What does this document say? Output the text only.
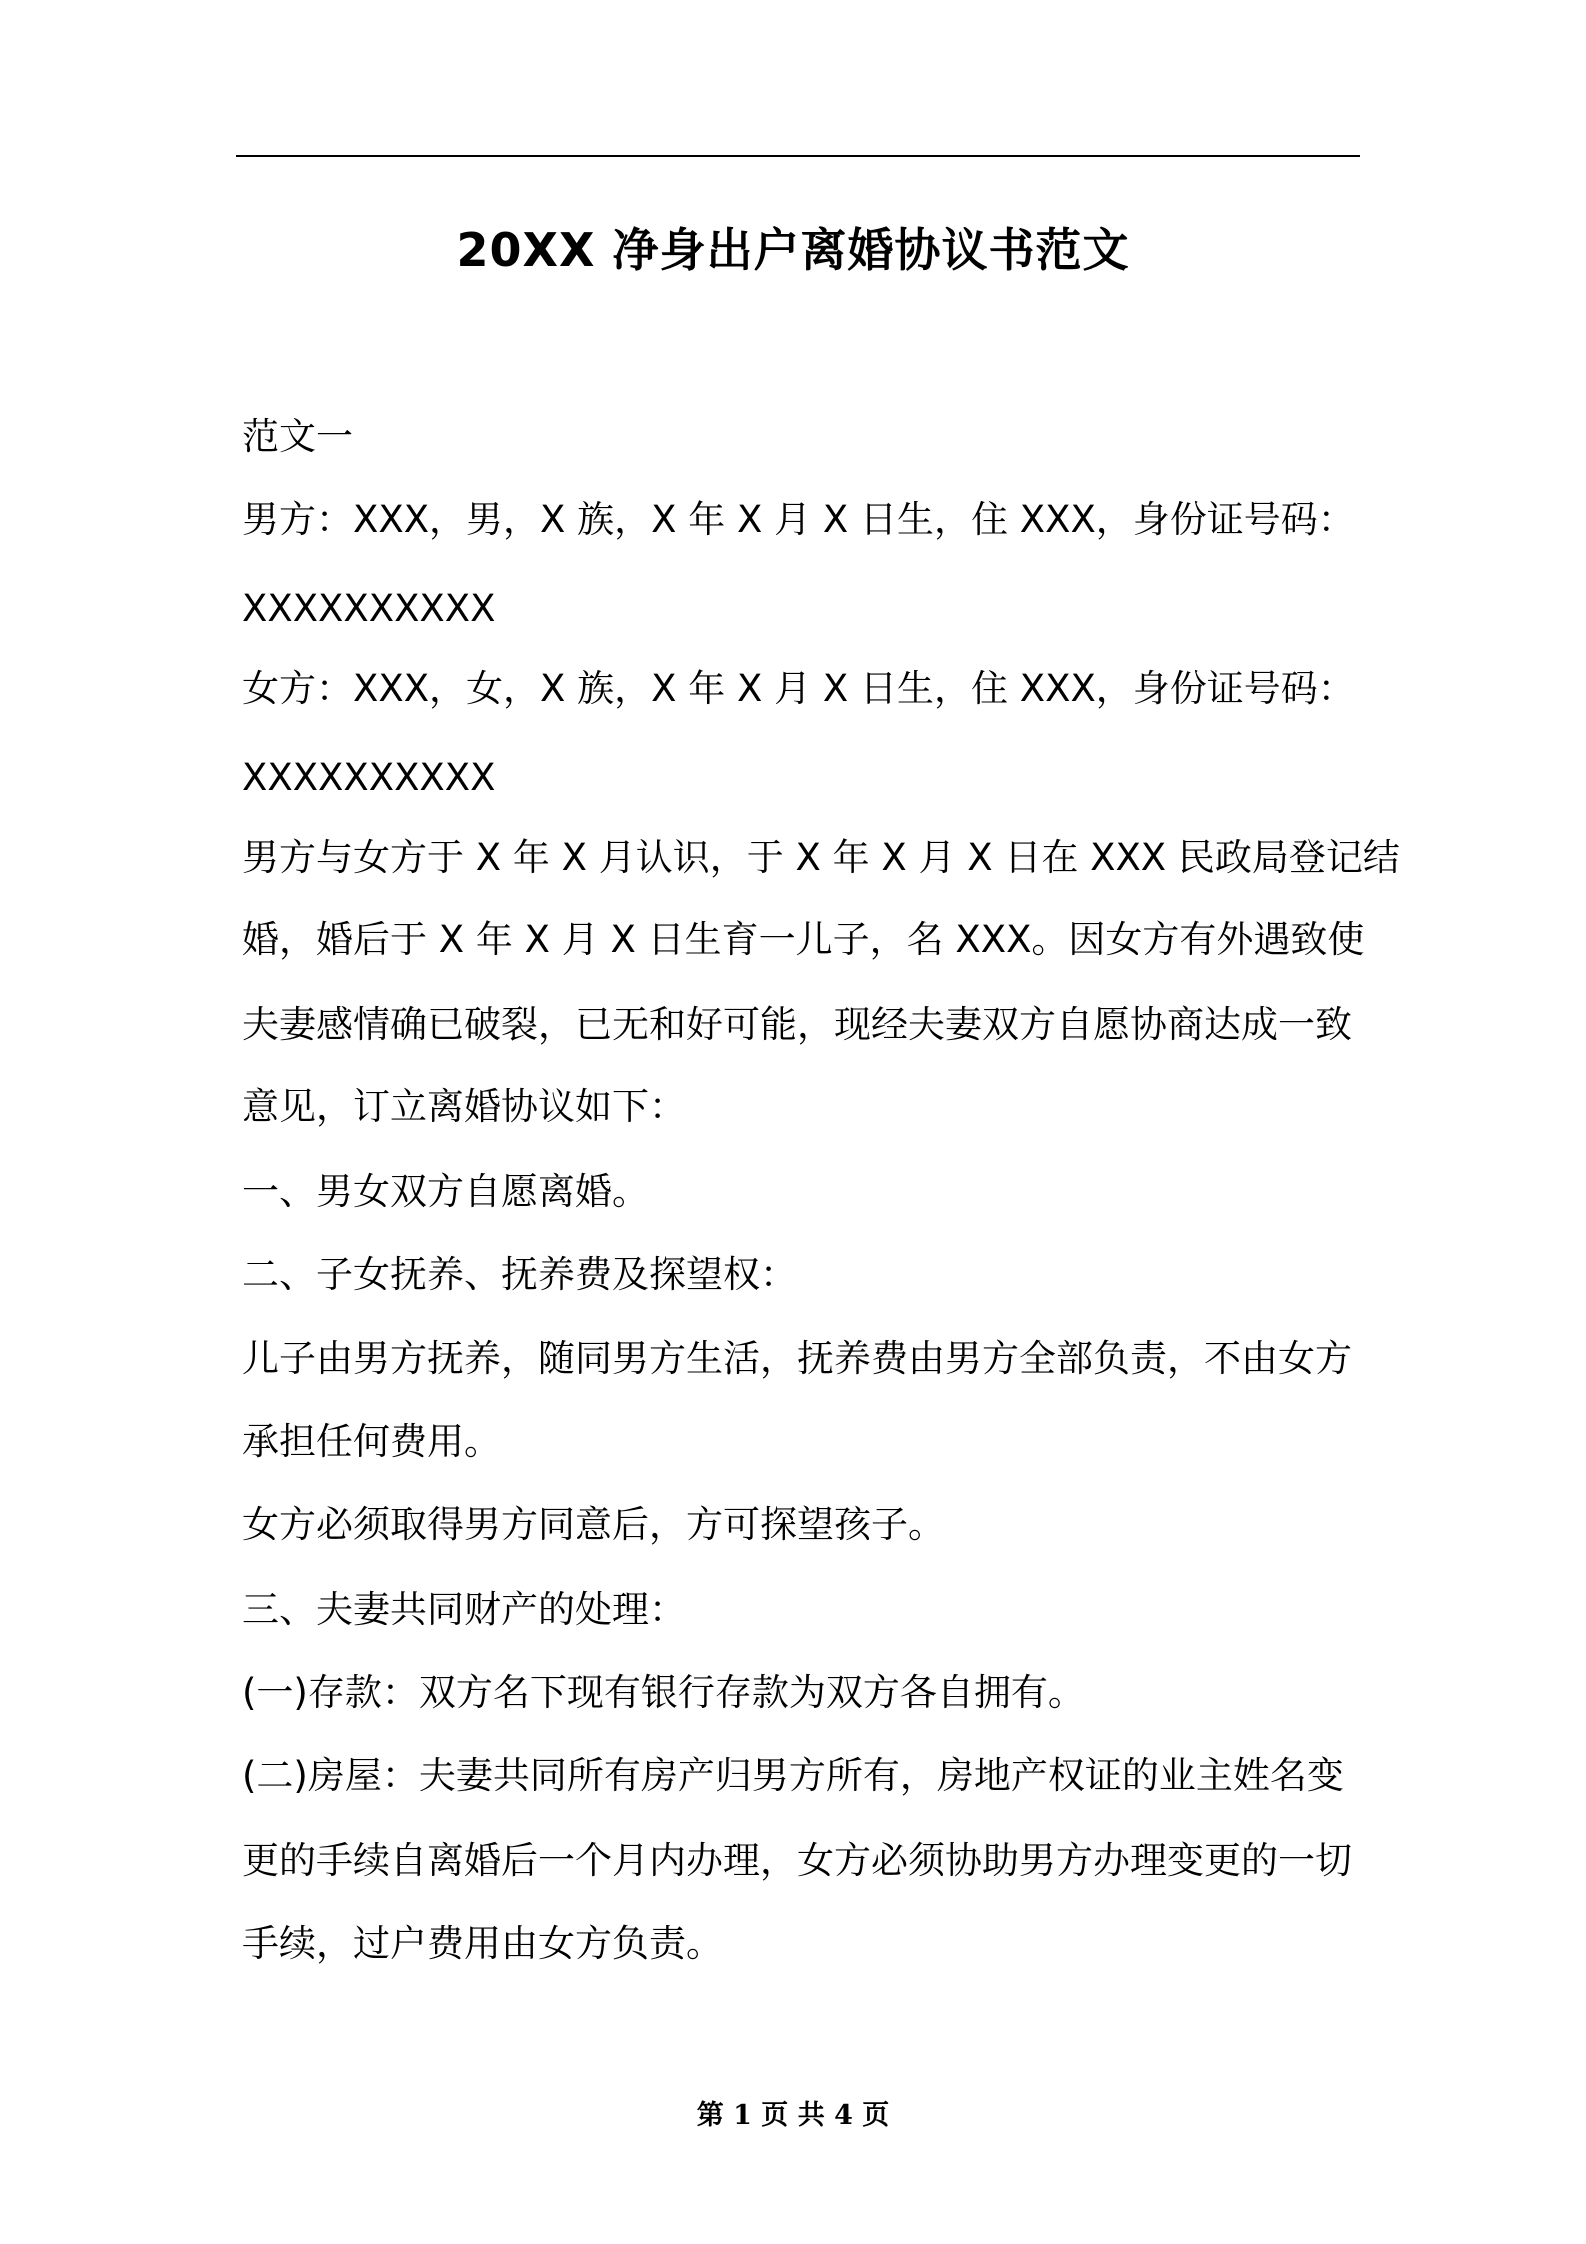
20XX 净身出户离婚协议书范文
范文一
男方：XXX，男，X 族，X 年 X 月 X 日生，住 XXX，身份证号码：
XXXXXXXXXX
女方：XXX，女，X 族，X 年 X 月 X 日生，住 XXX，身份证号码：
XXXXXXXXXX
男方与女方于 X 年 X 月认识，于 X 年 X 月 X 日在 XXX 民政局登记结
婚，婚后于 X 年 X 月 X 日生育一儿子，名 XXX。因女方有外遇致使
夫妻感情确已破裂，已无和好可能，现经夫妻双方自愿协商达成一致
意见，订立离婚协议如下：
一、男女双方自愿离婚。
二、子女抚养、抚养费及探望权：
儿子由男方抚养，随同男方生活，抚养费由男方全部负责，不由女方
承担任何费用。
女方必须取得男方同意后，方可探望孩子。
三、夫妻共同财产的处理：
(一)存款：双方名下现有银行存款为双方各自拥有。
(二)房屋：夫妻共同所有房产归男方所有，房地产权证的业主姓名变
更的手续自离婚后一个月内办理，女方必须协助男方办理变更的一切
手续，过户费用由女方负责。
第 1 页 共 4 页
